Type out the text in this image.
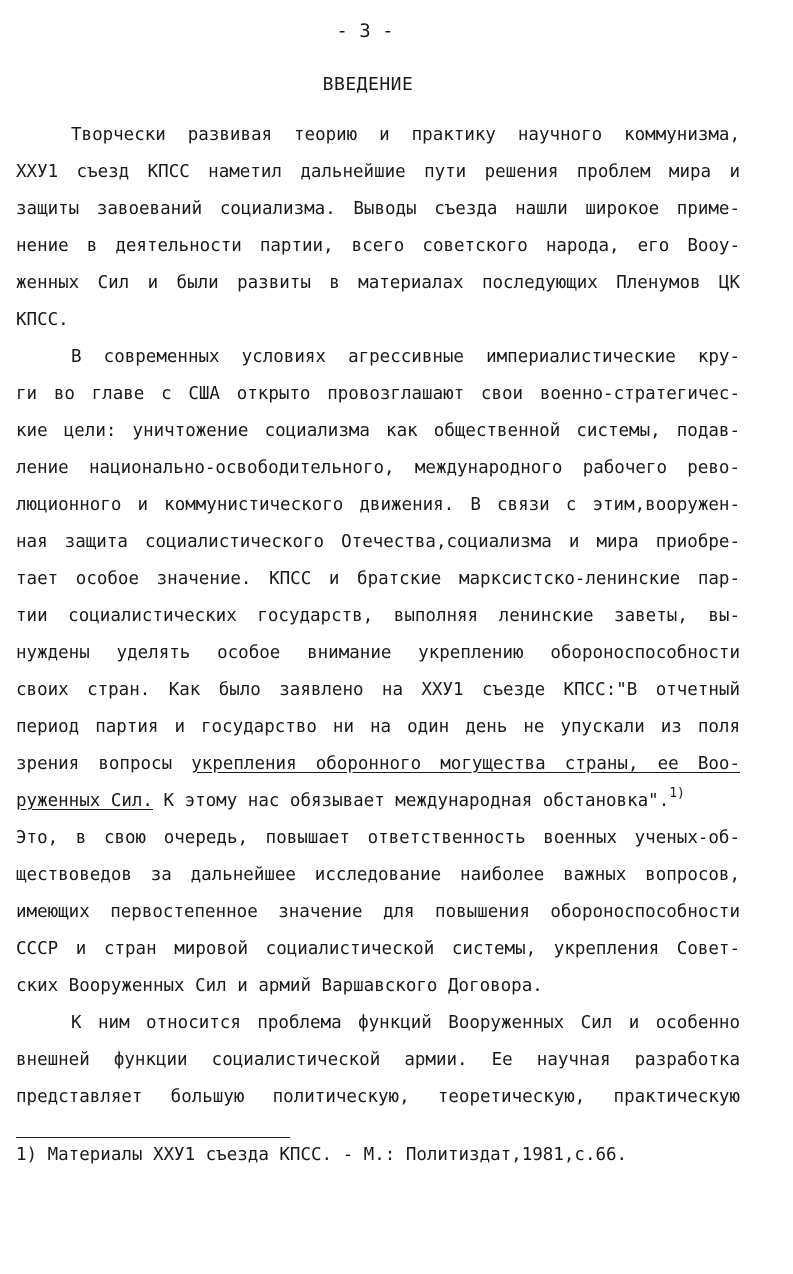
- 3 -
ВВЕДЕНИЕ
Творчески развивая теорию и практику научного коммунизма,
ХХУ1 съезд КПСС наметил дальнейшие пути решения проблем мира и
защиты завоеваний социализма. Выводы съезда нашли широкое приме-
нение в деятельности партии, всего советского народа, его Вооу-
женных Сил и были развиты в материалах последующих Пленумов ЦК
КПСС.
В современных условиях агрессивные империалистические кру-
ги во главе с США открыто провозглашают свои военно-стратегичес-
кие цели: уничтожение социализма как общественной системы, подав-
ление национально-освободительного, международного рабочего рево-
люционного и коммунистического движения. В связи с этим,вооружен-
ная защита социалистического Отечества,социализма и мира приобре-
тает особое значение. КПСС и братские марксистско-ленинские пар-
тии социалистических государств, выполняя ленинские заветы, вы-
нуждены уделять особое внимание укреплению обороноспособности
своих стран. Как было заявлено на ХХУ1 съезде КПСС:"В отчетный
период партия и государство ни на один день не упускали из поля
зрения вопросы укрепления оборонного могущества страны, ее Воо-
руженных Сил. К этому нас обязывает международная обстановка".$^{1)}$
Это, в свою очередь, повышает ответственность военных ученых-об-
ществоведов за дальнейшее исследование наиболее важных вопросов,
имеющих первостепенное значение для повышения обороноспособности
СССР и стран мировой социалистической системы, укрепления Совет-
ских Вооруженных Сил и армий Варшавского Договора.
К ним относится проблема функций Вооруженных Сил и особенно
внешней функции социалистической армии. Ее научная разработка
представляет большую политическую, теоретическую, практическую
1) Материалы ХХУ1 съезда КПСС. - М.: Политиздат,1981,с.66.
